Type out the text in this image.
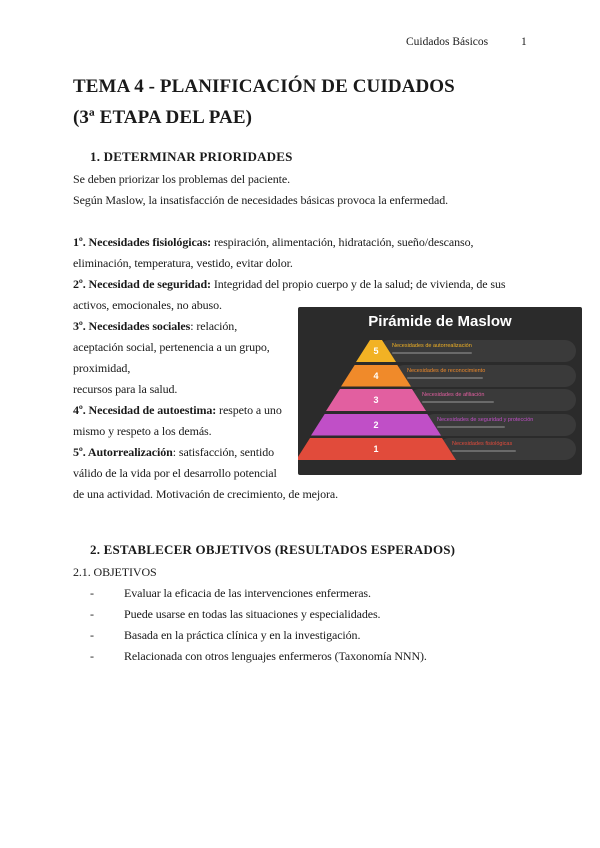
Cuidados Básicos	1
TEMA 4 - PLANIFICACIÓN DE CUIDADOS
(3ª ETAPA DEL PAE)
1. DETERMINAR PRIORIDADES
Se deben priorizar los problemas del paciente.
Según Maslow, la insatisfacción de necesidades básicas provoca la enfermedad.
1º. Necesidades fisiológicas: respiración, alimentación, hidratación, sueño/descanso,
eliminación, temperatura, vestido, evitar dolor.
2º. Necesidad de seguridad: Integridad del propio cuerpo y de la salud; de vivienda, de sus
activos, emocionales, no abuso.
3º. Necesidades sociales: relación,
aceptación social, pertenencia a un grupo,
proximidad,
recursos para la salud.
4º. Necesidad de autoestima: respeto a uno
mismo y respeto a los demás.
5º. Autorrealización: satisfacción, sentido
válido de la vida por el desarrollo potencial
de una actividad. Motivación de crecimiento, de mejora.
Pirámide de Maslow
5	Necesidades de autorrealización
4	Necesidades de reconocimiento
3	Necesidades de afiliación
2	Necesidades de seguridad y protección
1	Necesidades fisiológicas
2. ESTABLECER OBJETIVOS (RESULTADOS ESPERADOS)
2.1. OBJETIVOS
-	Evaluar la eficacia de las intervenciones enfermeras.
-	Puede usarse en todas las situaciones y especialidades.
-	Basada en la práctica clínica y en la investigación.
-	Relacionada con otros lenguajes enfermeros (Taxonomía NNN).
